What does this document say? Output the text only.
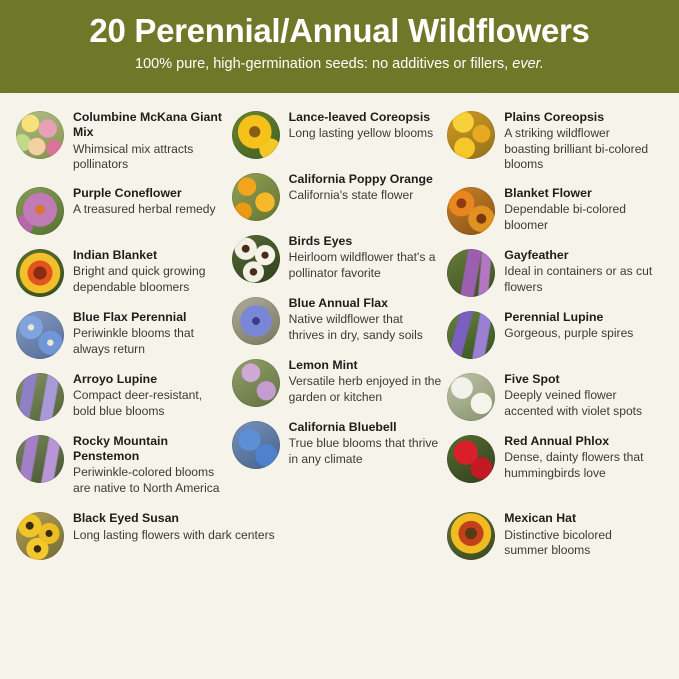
20 Perennial/Annual Wildflowers
100% pure, high-germination seeds: no additives or fillers, ever.

Columbine McKana Giant Mix

Whimsical mix attracts pollinators

Purple Coneflower

A treasured herbal remedy

Indian Blanket

Bright and quick growing dependable bloomers

Blue Flax Perennial

Periwinkle blooms that always return

Arroyo Lupine

Compact deer-resistant, bold blue blooms

Rocky Mountain Penstemon

Periwinkle-colored blooms are native to North America

Lance-leaved Coreopsis

Long lasting yellow blooms

California Poppy Orange

California's state flower

Birds Eyes

Heirloom wildflower that's a pollinator favorite

Blue Annual Flax

Native wildflower that thrives in dry, sandy soils

Lemon Mint

Versatile herb enjoyed in the garden or kitchen

California Bluebell

True blue blooms that thrive in any climate

Plains Coreopsis

A striking wildflower boasting brilliant bi-colored blooms

Blanket Flower

Dependable bi-colored bloomer

Gayfeather

Ideal in containers or as cut flowers

Perennial Lupine

Gorgeous, purple spires

Five Spot

Deeply veined flower accented with violet spots

Red Annual Phlox

Dense, dainty flowers that hummingbirds love

Black Eyed Susan

Long lasting flowers with dark centers

Mexican Hat

Distinctive bicolored summer blooms
